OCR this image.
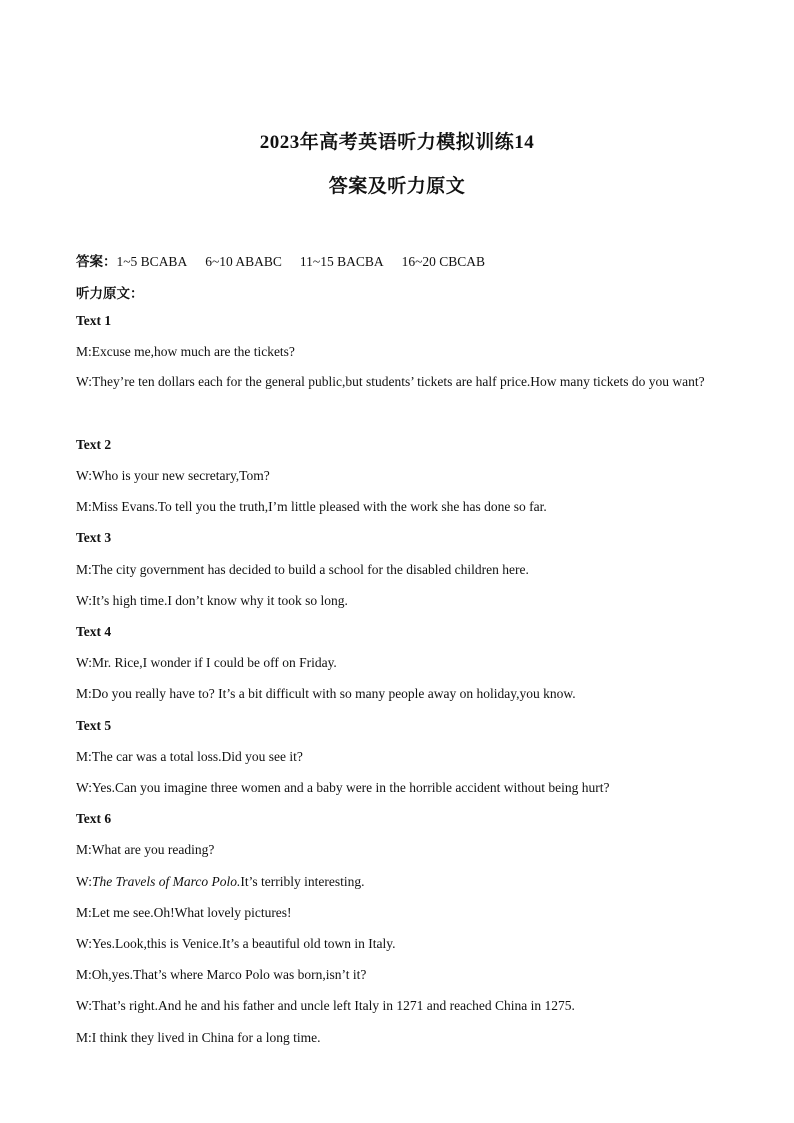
2023年高考英语听力模拟训练14
答案及听力原文
答案：1~5 BCABA 6~10 ABABC 11~15 BACBA 16~20 CBCAB
听力原文：
Text 1
M:Excuse me,how much are the tickets?
W:They’re ten dollars each for the general public,but students’ tickets are half price.How many tickets do you want?
Text 2
W:Who is your new secretary,Tom?
M:Miss Evans.To tell you the truth,I’m little pleased with the work she has done so far.
Text 3
M:The city government has decided to build a school for the disabled children here.
W:It’s high time.I don’t know why it took so long.
Text 4
W:Mr. Rice,I wonder if I could be off on Friday.
M:Do you really have to? It’s a bit difficult with so many people away on holiday,you know.
Text 5
M:The car was a total loss.Did you see it?
W:Yes.Can you imagine three women and a baby were in the horrible accident without being hurt?
Text 6
M:What are you reading?
W:The Travels of Marco Polo.It’s terribly interesting.
M:Let me see.Oh!What lovely pictures!
W:Yes.Look,this is Venice.It’s a beautiful old town in Italy.
M:Oh,yes.That’s where Marco Polo was born,isn’t it?
W:That’s right.And he and his father and uncle left Italy in 1271 and reached China in 1275.
M:I think they lived in China for a long time.
